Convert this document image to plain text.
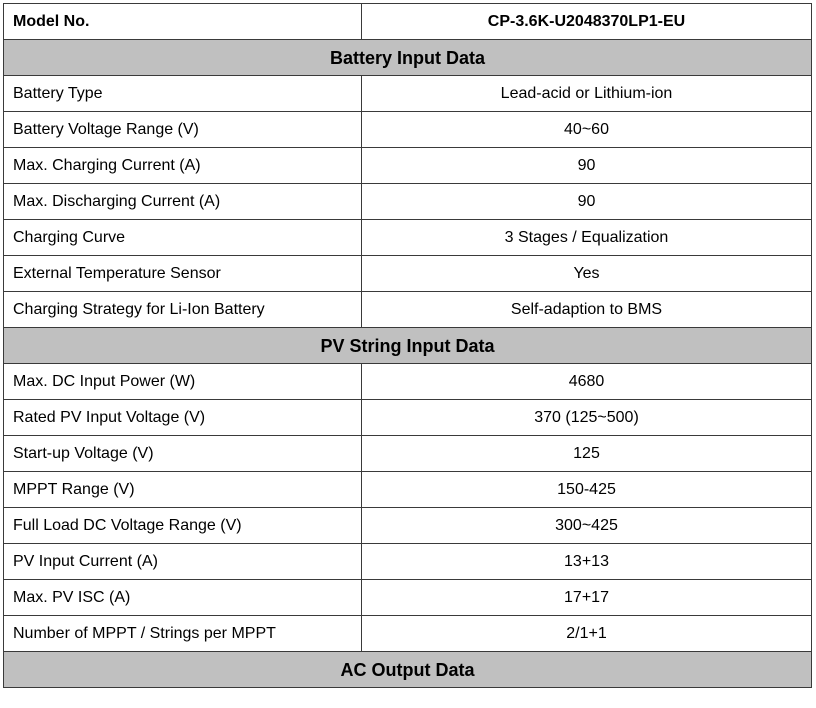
Model No.	CP-3.6K-U2048370LP1-EU
Battery Input Data	
Battery Type	Lead-acid or Lithium-ion
Battery Voltage Range (V)	40~60
Max. Charging Current (A)	90
Max. Discharging Current (A)	90
Charging Curve	3 Stages / Equalization
External Temperature Sensor	Yes
Charging Strategy for Li-Ion Battery	Self-adaption to BMS
PV String Input Data	
Max. DC Input Power (W)	4680
Rated PV Input Voltage (V)	370 (125~500)
Start-up Voltage (V)	125
MPPT Range (V)	150-425
Full Load DC Voltage Range (V)	300~425
PV Input Current (A)	13+13
Max. PV ISC (A)	17+17
Number of MPPT / Strings per MPPT	2/1+1
AC Output Data	
